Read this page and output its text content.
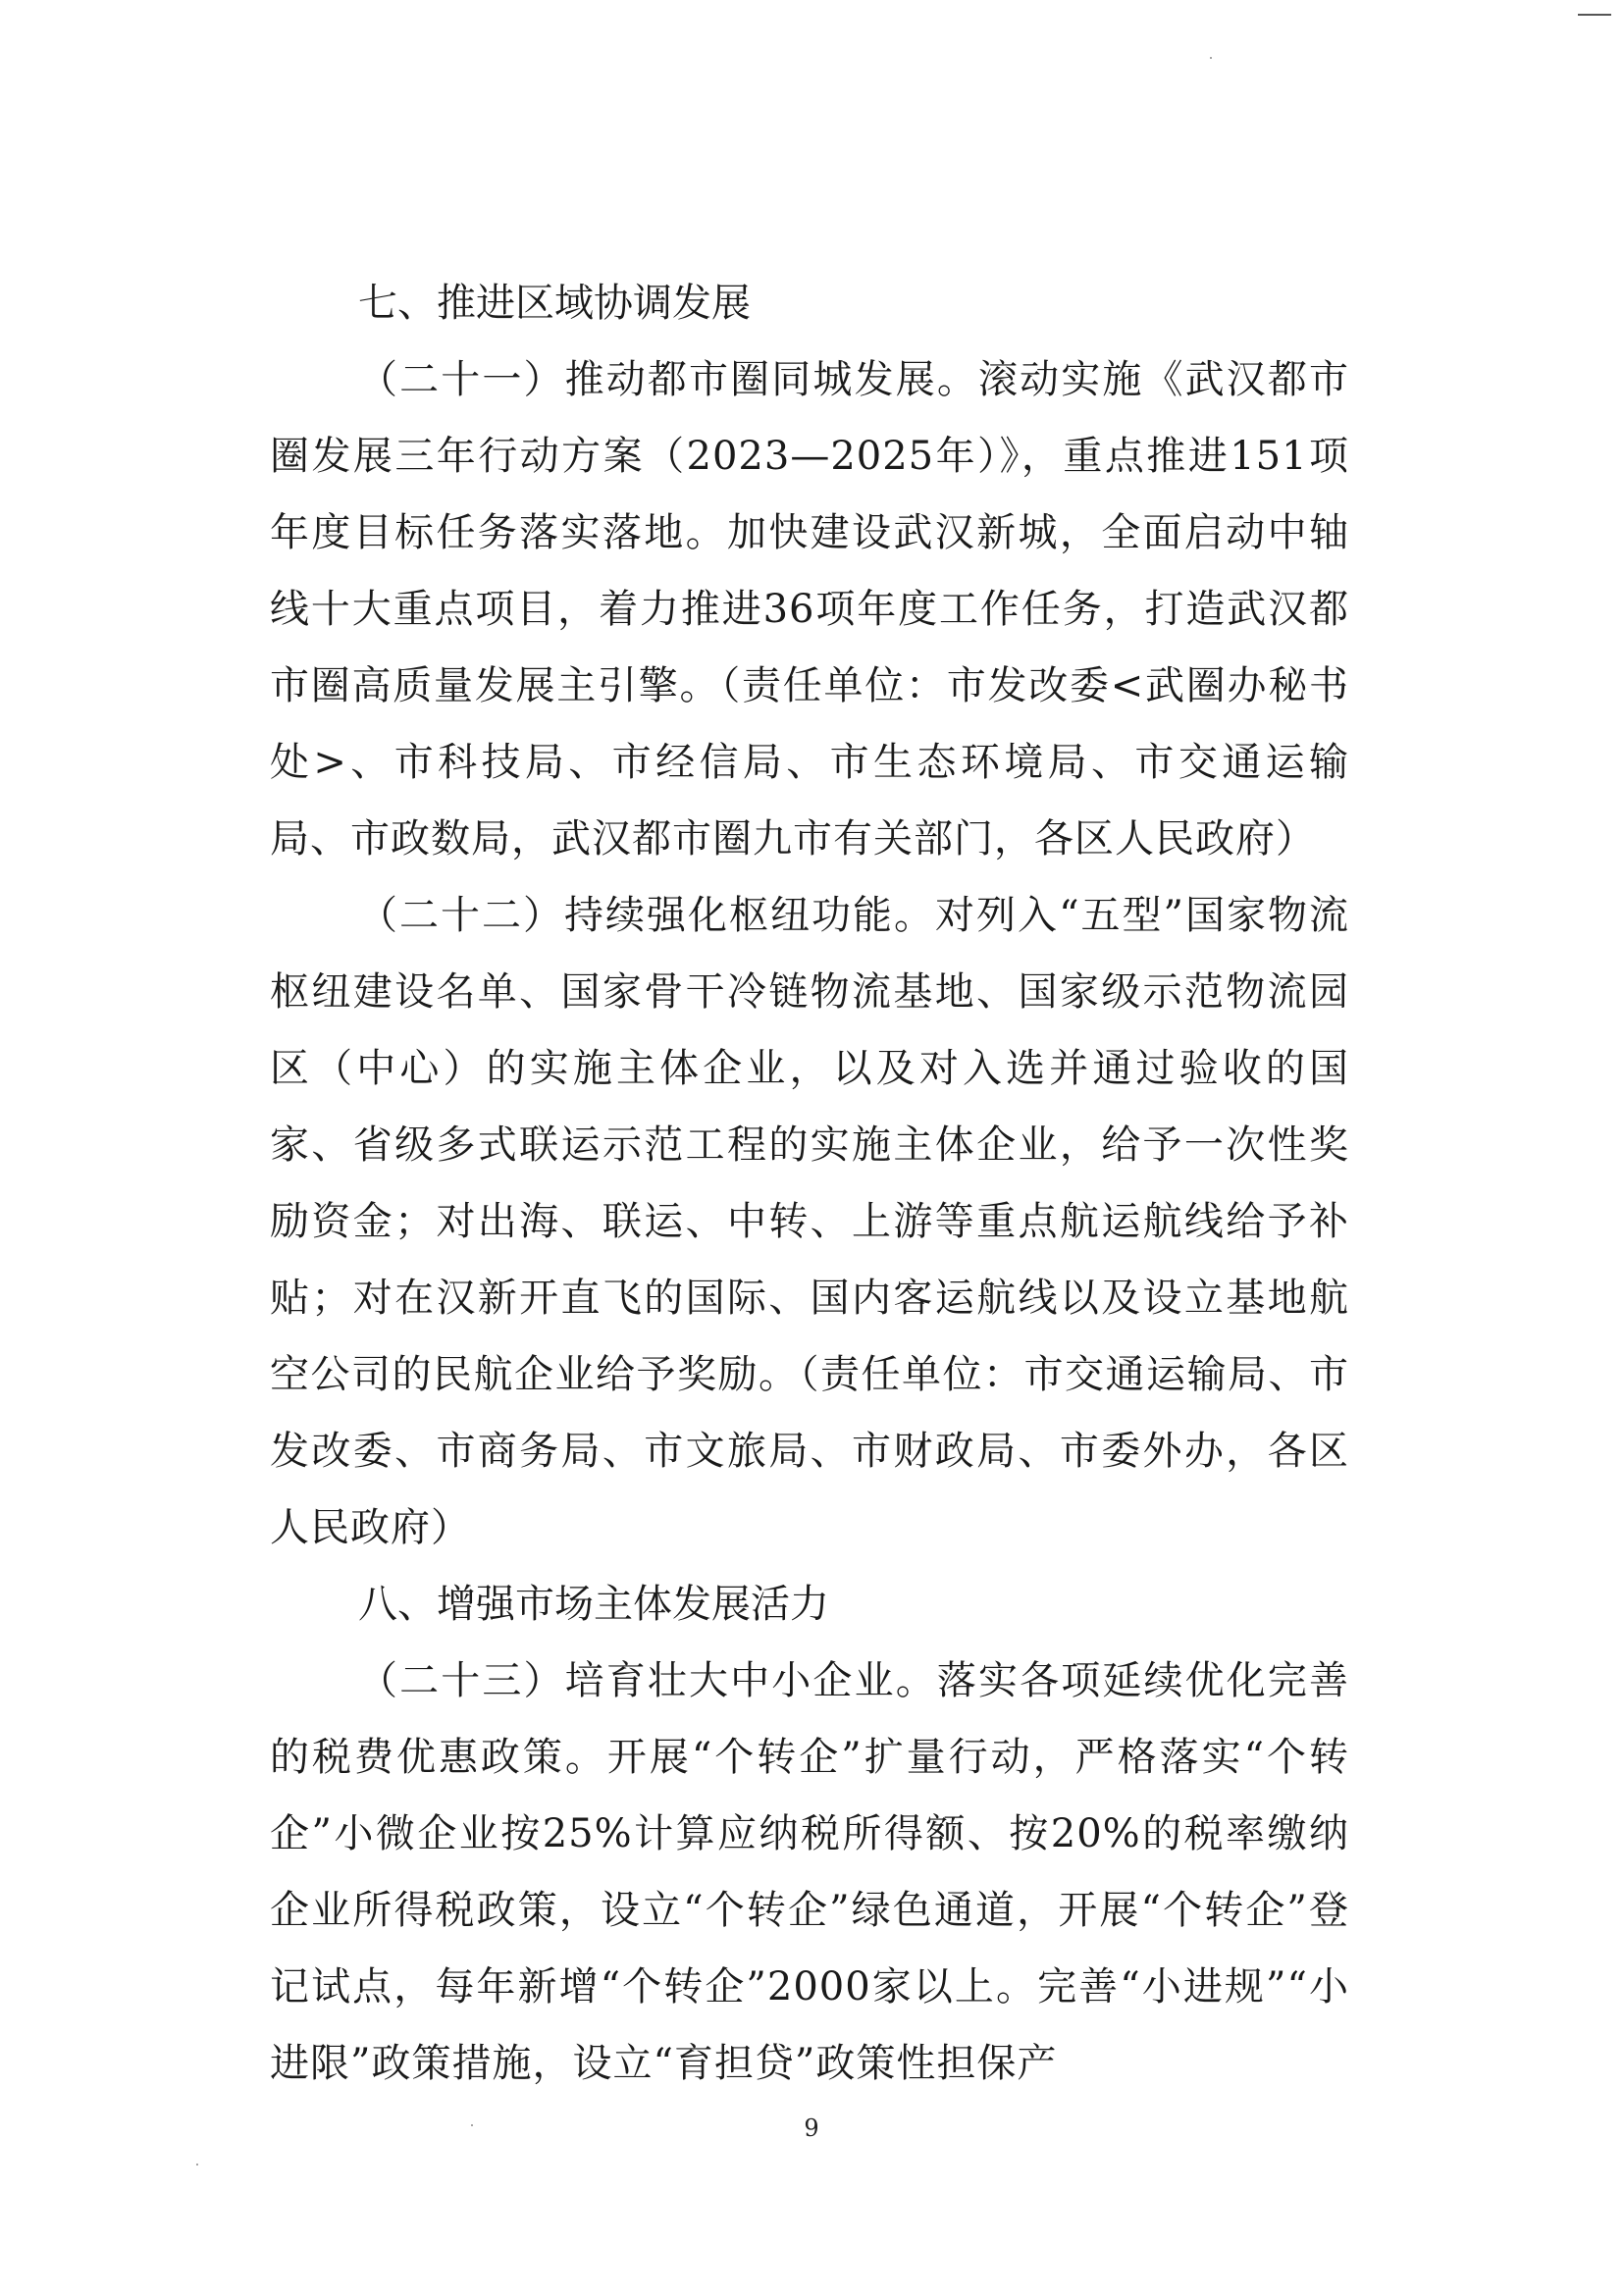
七、推进区域协调发展

（二十一）推动都市圈同城发展。滚动实施《武汉都市圈发展三年行动方案（2023—2025年）》，重点推进151项年度目标任务落实落地。加快建设武汉新城，全面启动中轴线十大重点项目，着力推进36项年度工作任务，打造武汉都市圈高质量发展主引擎。（责任单位：市发改委<武圈办秘书处>、市科技局、市经信局、市生态环境局、市交通运输局、市政数局，武汉都市圈九市有关部门，各区人民政府）

（二十二）持续强化枢纽功能。对列入“五型”国家物流枢纽建设名单、国家骨干冷链物流基地、国家级示范物流园区（中心）的实施主体企业，以及对入选并通过验收的国家、省级多式联运示范工程的实施主体企业，给予一次性奖励资金；对出海、联运、中转、上游等重点航运航线给予补贴；对在汉新开直飞的国际、国内客运航线以及设立基地航空公司的民航企业给予奖励。（责任单位：市交通运输局、市发改委、市商务局、市文旅局、市财政局、市委外办，各区人民政府）

八、增强市场主体发展活力

（二十三）培育壮大中小企业。落实各项延续优化完善的税费优惠政策。开展“个转企”扩量行动，严格落实“个转企”小微企业按25%计算应纳税所得额、按20%的税率缴纳企业所得税政策，设立“个转企”绿色通道，开展“个转企”登记试点，每年新增“个转企”2000家以上。完善“小进规”“小进限”政策措施，设立“育担贷”政策性担保产

9
